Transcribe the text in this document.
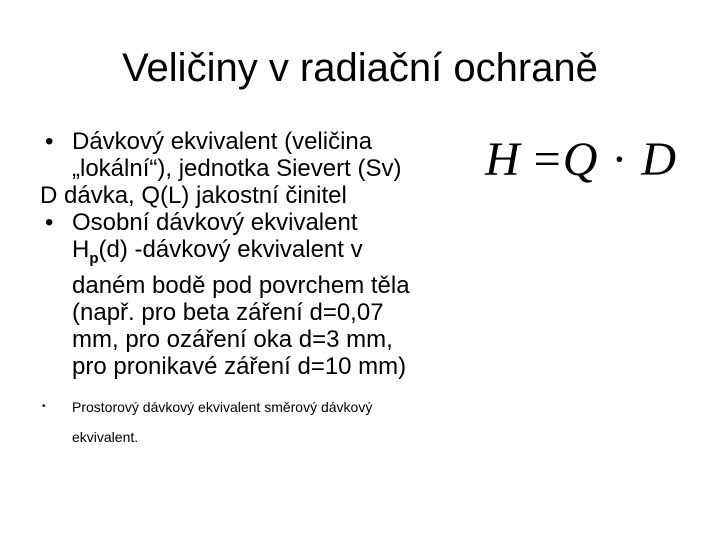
Veličiny v radiační ochraně
• Dávkový ekvivalent (veličina
„lokální“), jednotka Sievert (Sv)
D dávka, Q(L) jakostní činitel
• Osobní dávkový ekvivalent
$H_p(d)$ -dávkový ekvivalent v
daném bodě pod povrchem těla
(např. pro beta záření d=0,07
mm, pro ozáření oka d=3 mm,
pro pronikavé záření d=10 mm)
• Prostorový dávkový ekvivalent směrový dávkový
ekvivalent.
H =Q · D
